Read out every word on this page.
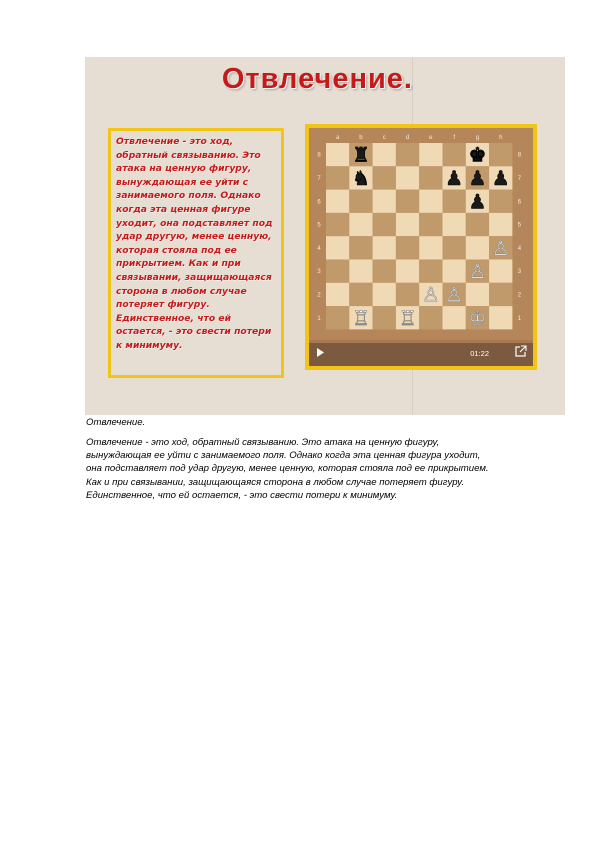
Отвлечение.

Отвлечение - это ход, обратный связыванию. Это атака на ценную фигуру, вынуждающая ее уйти с занимаемого поля. Однако когда эта ценная фигуре уходит, она подставляет под удар другую, менее ценную, которая стояла под ее прикрытием. Как и при связывании, защищающаяся сторона в любом случае потеряет фигуру. Единственное, что ей остается, - это свести потери к минимуму.

a	b	c	d	e	f	g	h
8	8
7	7
6	6
5	5
4	4
3	3
2	2
1	1
♜	♚
♞	♟ ♟ ♟
♟
♙
♙
♙ ♙
♖ ♖	♔
01:22
Отвлечение.
Отвлечение - это ход, обратный связыванию. Это атака на ценную фигуру,
вынуждающая ее уйти с занимаемого поля. Однако когда эта ценная фигура уходит,
она подставляет под удар другую, менее ценную, которая стояла под ее прикрытием.
Как и при связывании, защищающаяся сторона в любом случае потеряет фигуру.
Единственное, что ей остается, - это свести потери к минимуму.
